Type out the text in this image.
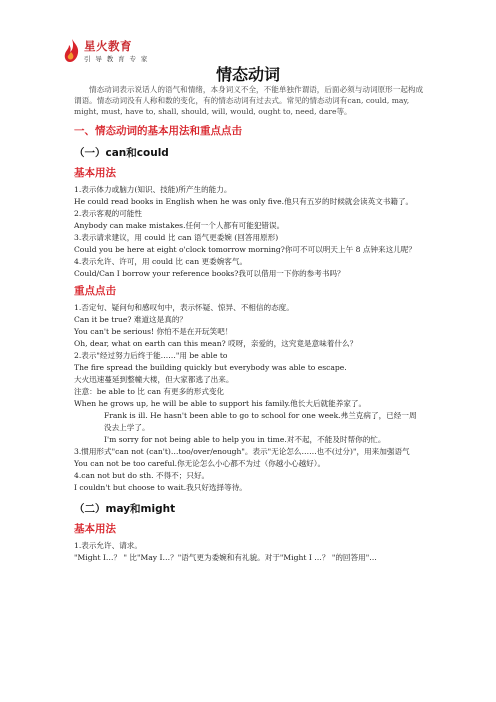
星火教育
引 导 教 育 专 家
情态动词

情态动词表示说话人的语气和情绪，本身词义不全，不能单独作谓语，后面必须与动词原形一起构成谓语。情态动词没有人称和数的变化，有的情态动词有过去式。常见的情态动词有can, could, may, might, must, have to, shall, should, will, would, ought to, need, dare等。

一、情态动词的基本用法和重点点击
（一）can和could
基本用法

1.表示体力或脑力(知识、技能)所产生的能力。

He could read books in English when he was only five.他只有五岁的时候就会读英文书籍了。

2.表示客观的可能性

Anybody can make mistakes.任何一个人都有可能犯错误。

3.表示请求建议，用 could 比 can 语气更委婉 (回答用原形)

Could you be here at eight o'clock tomorrow morning?你可不可以明天上午 8 点钟来这儿呢？

4.表示允许、许可，用 could 比 can 更委婉客气。

Could/Can I borrow your reference books?我可以借用一下你的参考书吗？

重点点击

1.否定句、疑问句和感叹句中，表示怀疑、惊异、不相信的态度。

Can it be true? 难道这是真的？

You can't be serious! 你怕不是在开玩笑吧！

Oh, dear, what on earth can this mean? 哎呀，亲爱的，这究竟是意味着什么？

2.表示"经过努力后终于能……"用 be able to

The fire spread the building quickly but everybody was able to escape.

大火迅速蔓延到整幢大楼，但大家都逃了出来。

注意：be able to 比 can 有更多的形式变化

When he grows up, he will be able to support his family.他长大后就能养家了。

Frank is ill. He hasn't been able to go to school for one week.弗兰克病了，已经一周没去上学了。

I'm sorry for not being able to help you in time.对不起，不能及时帮你的忙。

3.惯用形式"can not (can't)…too/over/enough"。表示"无论怎么……也不(过分)"，用来加强语气

You can not be too careful.你无论怎么小心都不为过（你越小心越好）。

4.can not but do sth. 不得不；只好。

I couldn't but choose to wait.我只好选择等待。

（二）may和might
基本用法

1.表示允许、请求。

"Might I…？ " 比"May I…？"语气更为委婉和有礼貌。对于"Might I …？ "的回答用"…
